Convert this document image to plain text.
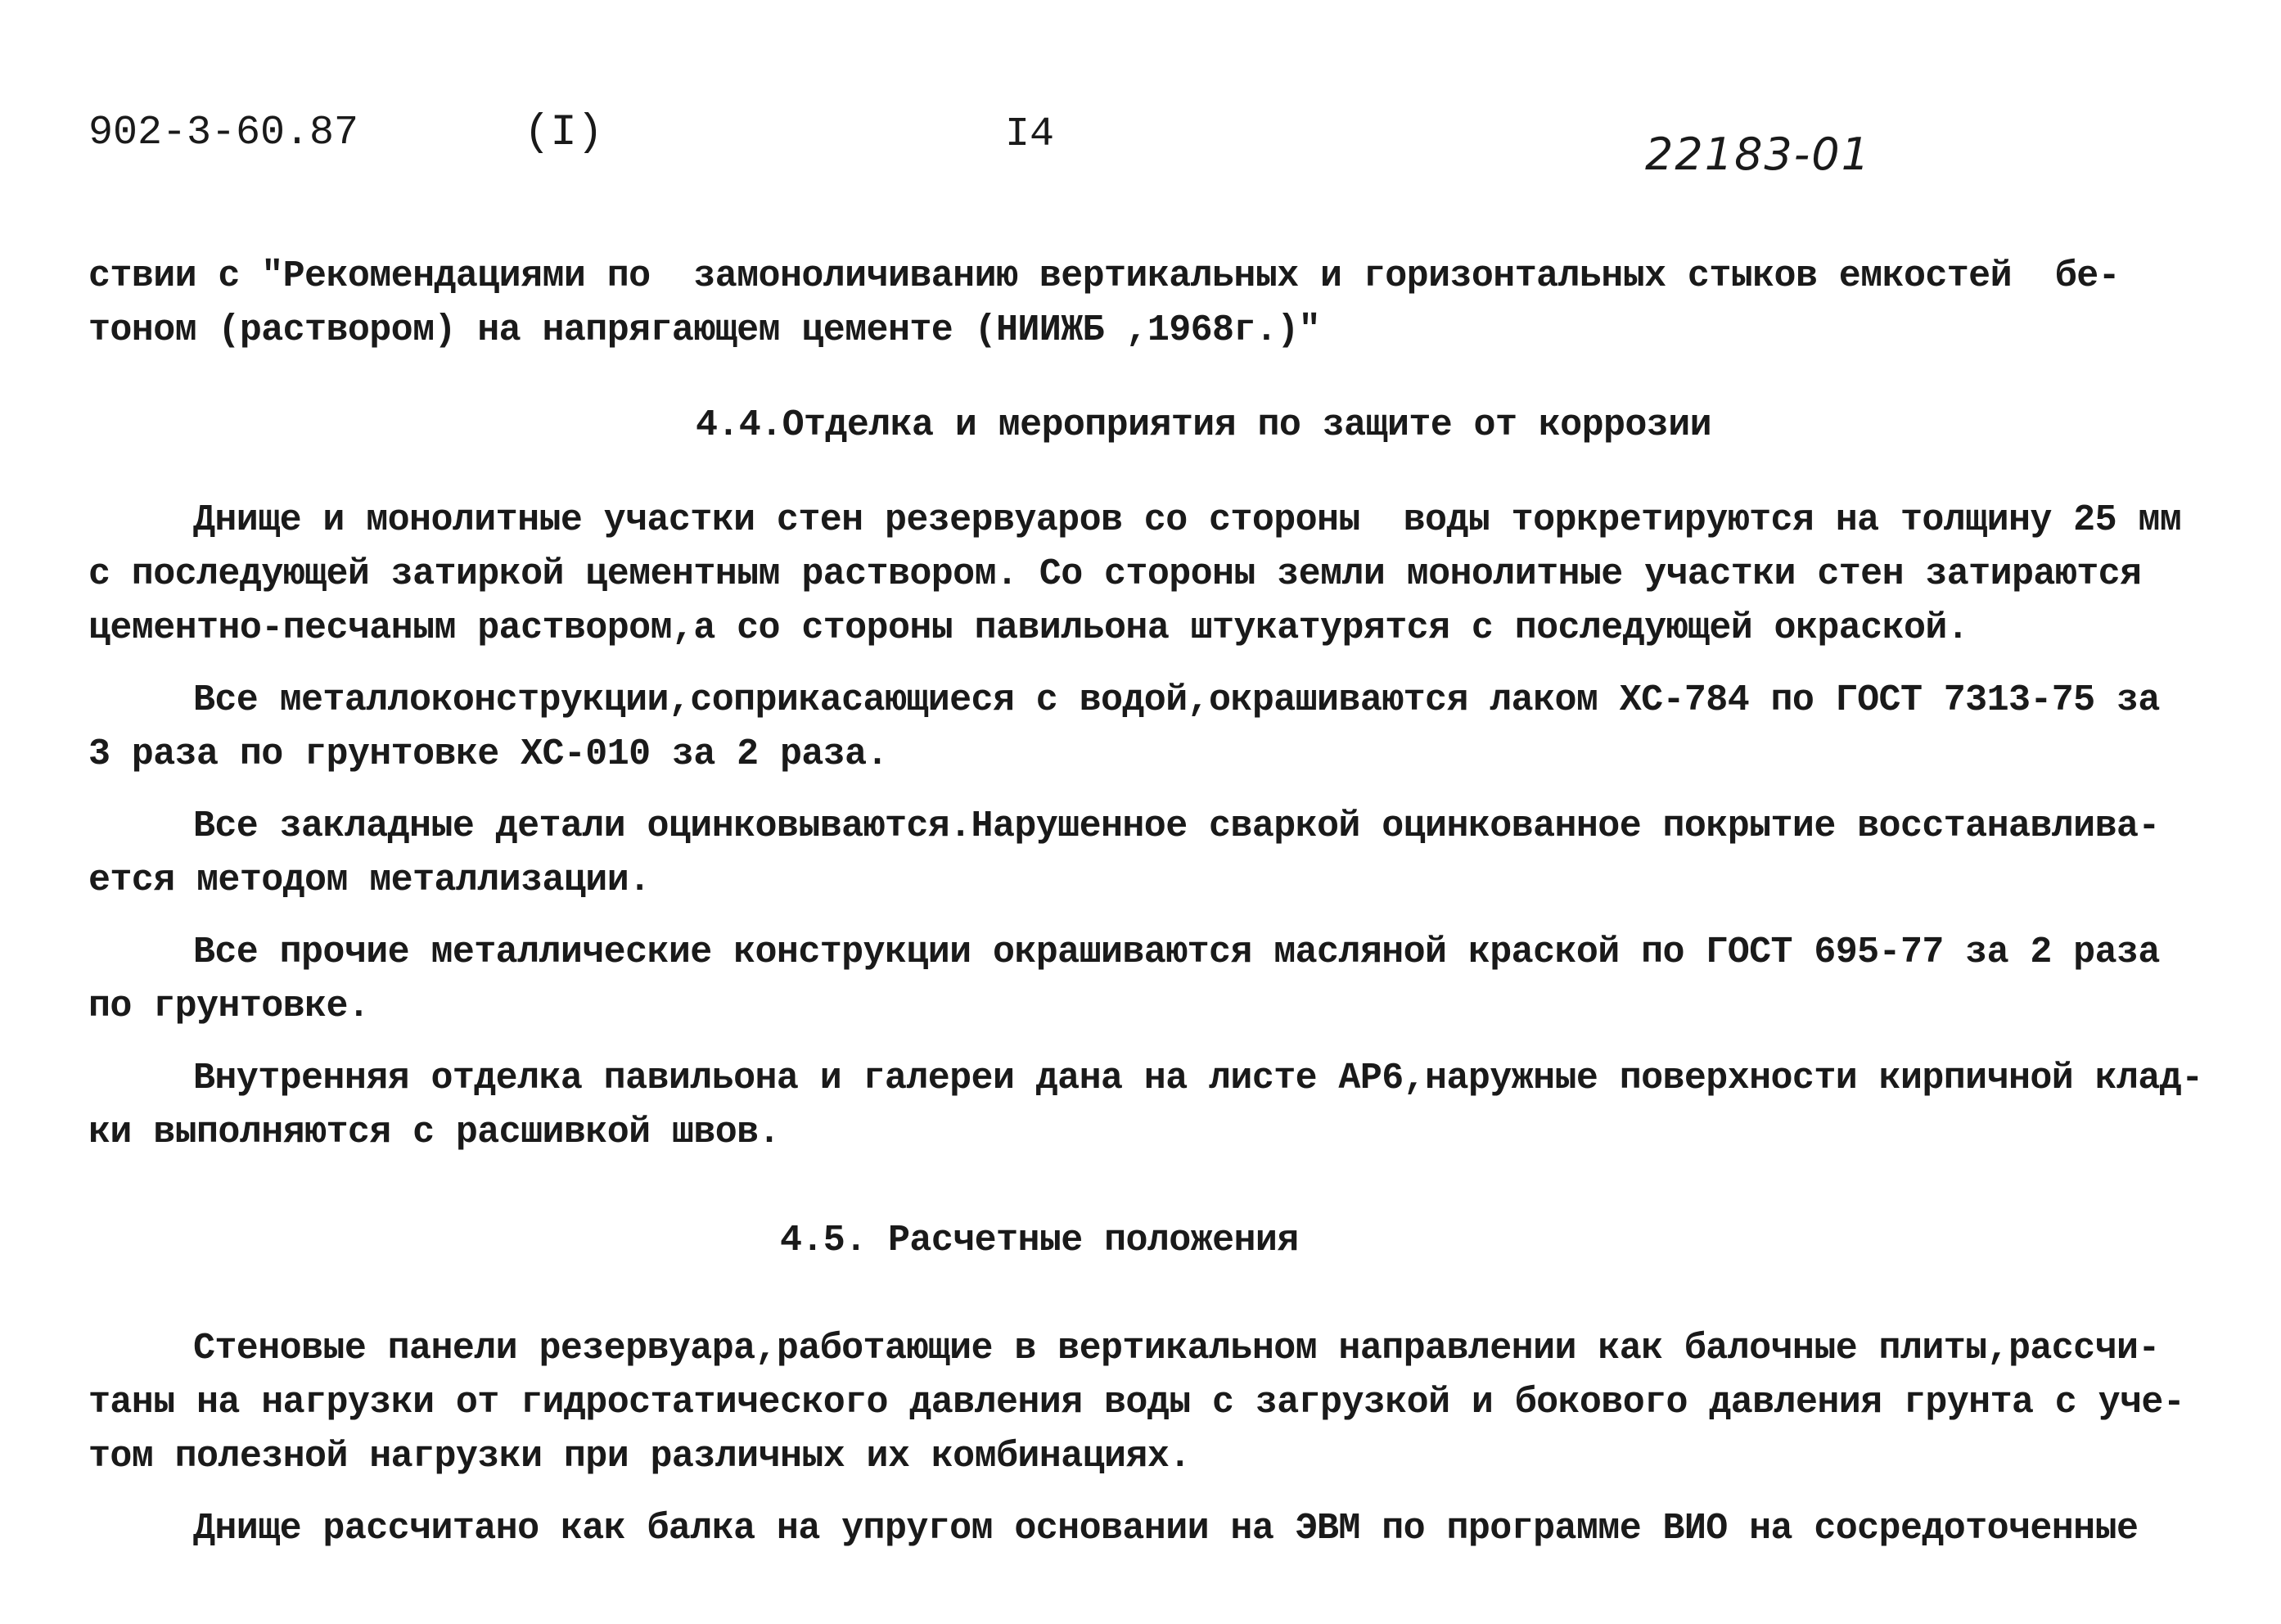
902-3-60.87	(I)	I4	22183-01

ствии с "Рекомендациями по  замоноличиванию вертикальных и горизонтальных стыков емкостей  бе-

тоном (раствором) на напрягающем цементе (НИИЖБ ,1968г.)"

4.4.Отделка и мероприятия по защите от коррозии

Днище и монолитные участки стен резервуаров со стороны  воды торкретируются на толщину 25 мм

с последующей затиркой цементным раствором. Со стороны земли монолитные участки стен затираются

цементно-песчаным раствором,а со стороны павильона штукатурятся с последующей окраской.

Все металлоконструкции,соприкасающиеся с водой,окрашиваются лаком ХС-784 по ГОСТ 7313-75 за

3 раза по грунтовке ХС-010 за 2 раза.

Все закладные детали оцинковываются.Нарушенное сваркой оцинкованное покрытие восстанавлива-

ется методом металлизации.

Все прочие металлические конструкции окрашиваются масляной краской по ГОСТ 695-77 за 2 раза

по грунтовке.

Внутренняя отделка павильона и галереи дана на листе АР6,наружные поверхности кирпичной клад-

ки выполняются с расшивкой швов.

4.5. Расчетные положения

Стеновые панели резервуара,работающие в вертикальном направлении как балочные плиты,рассчи-

таны на нагрузки от гидростатического давления воды с загрузкой и бокового давления грунта с уче-

том полезной нагрузки при различных их комбинациях.

Днище рассчитано как балка на упругом основании на ЭВМ по программе ВИО на сосредоточенные
